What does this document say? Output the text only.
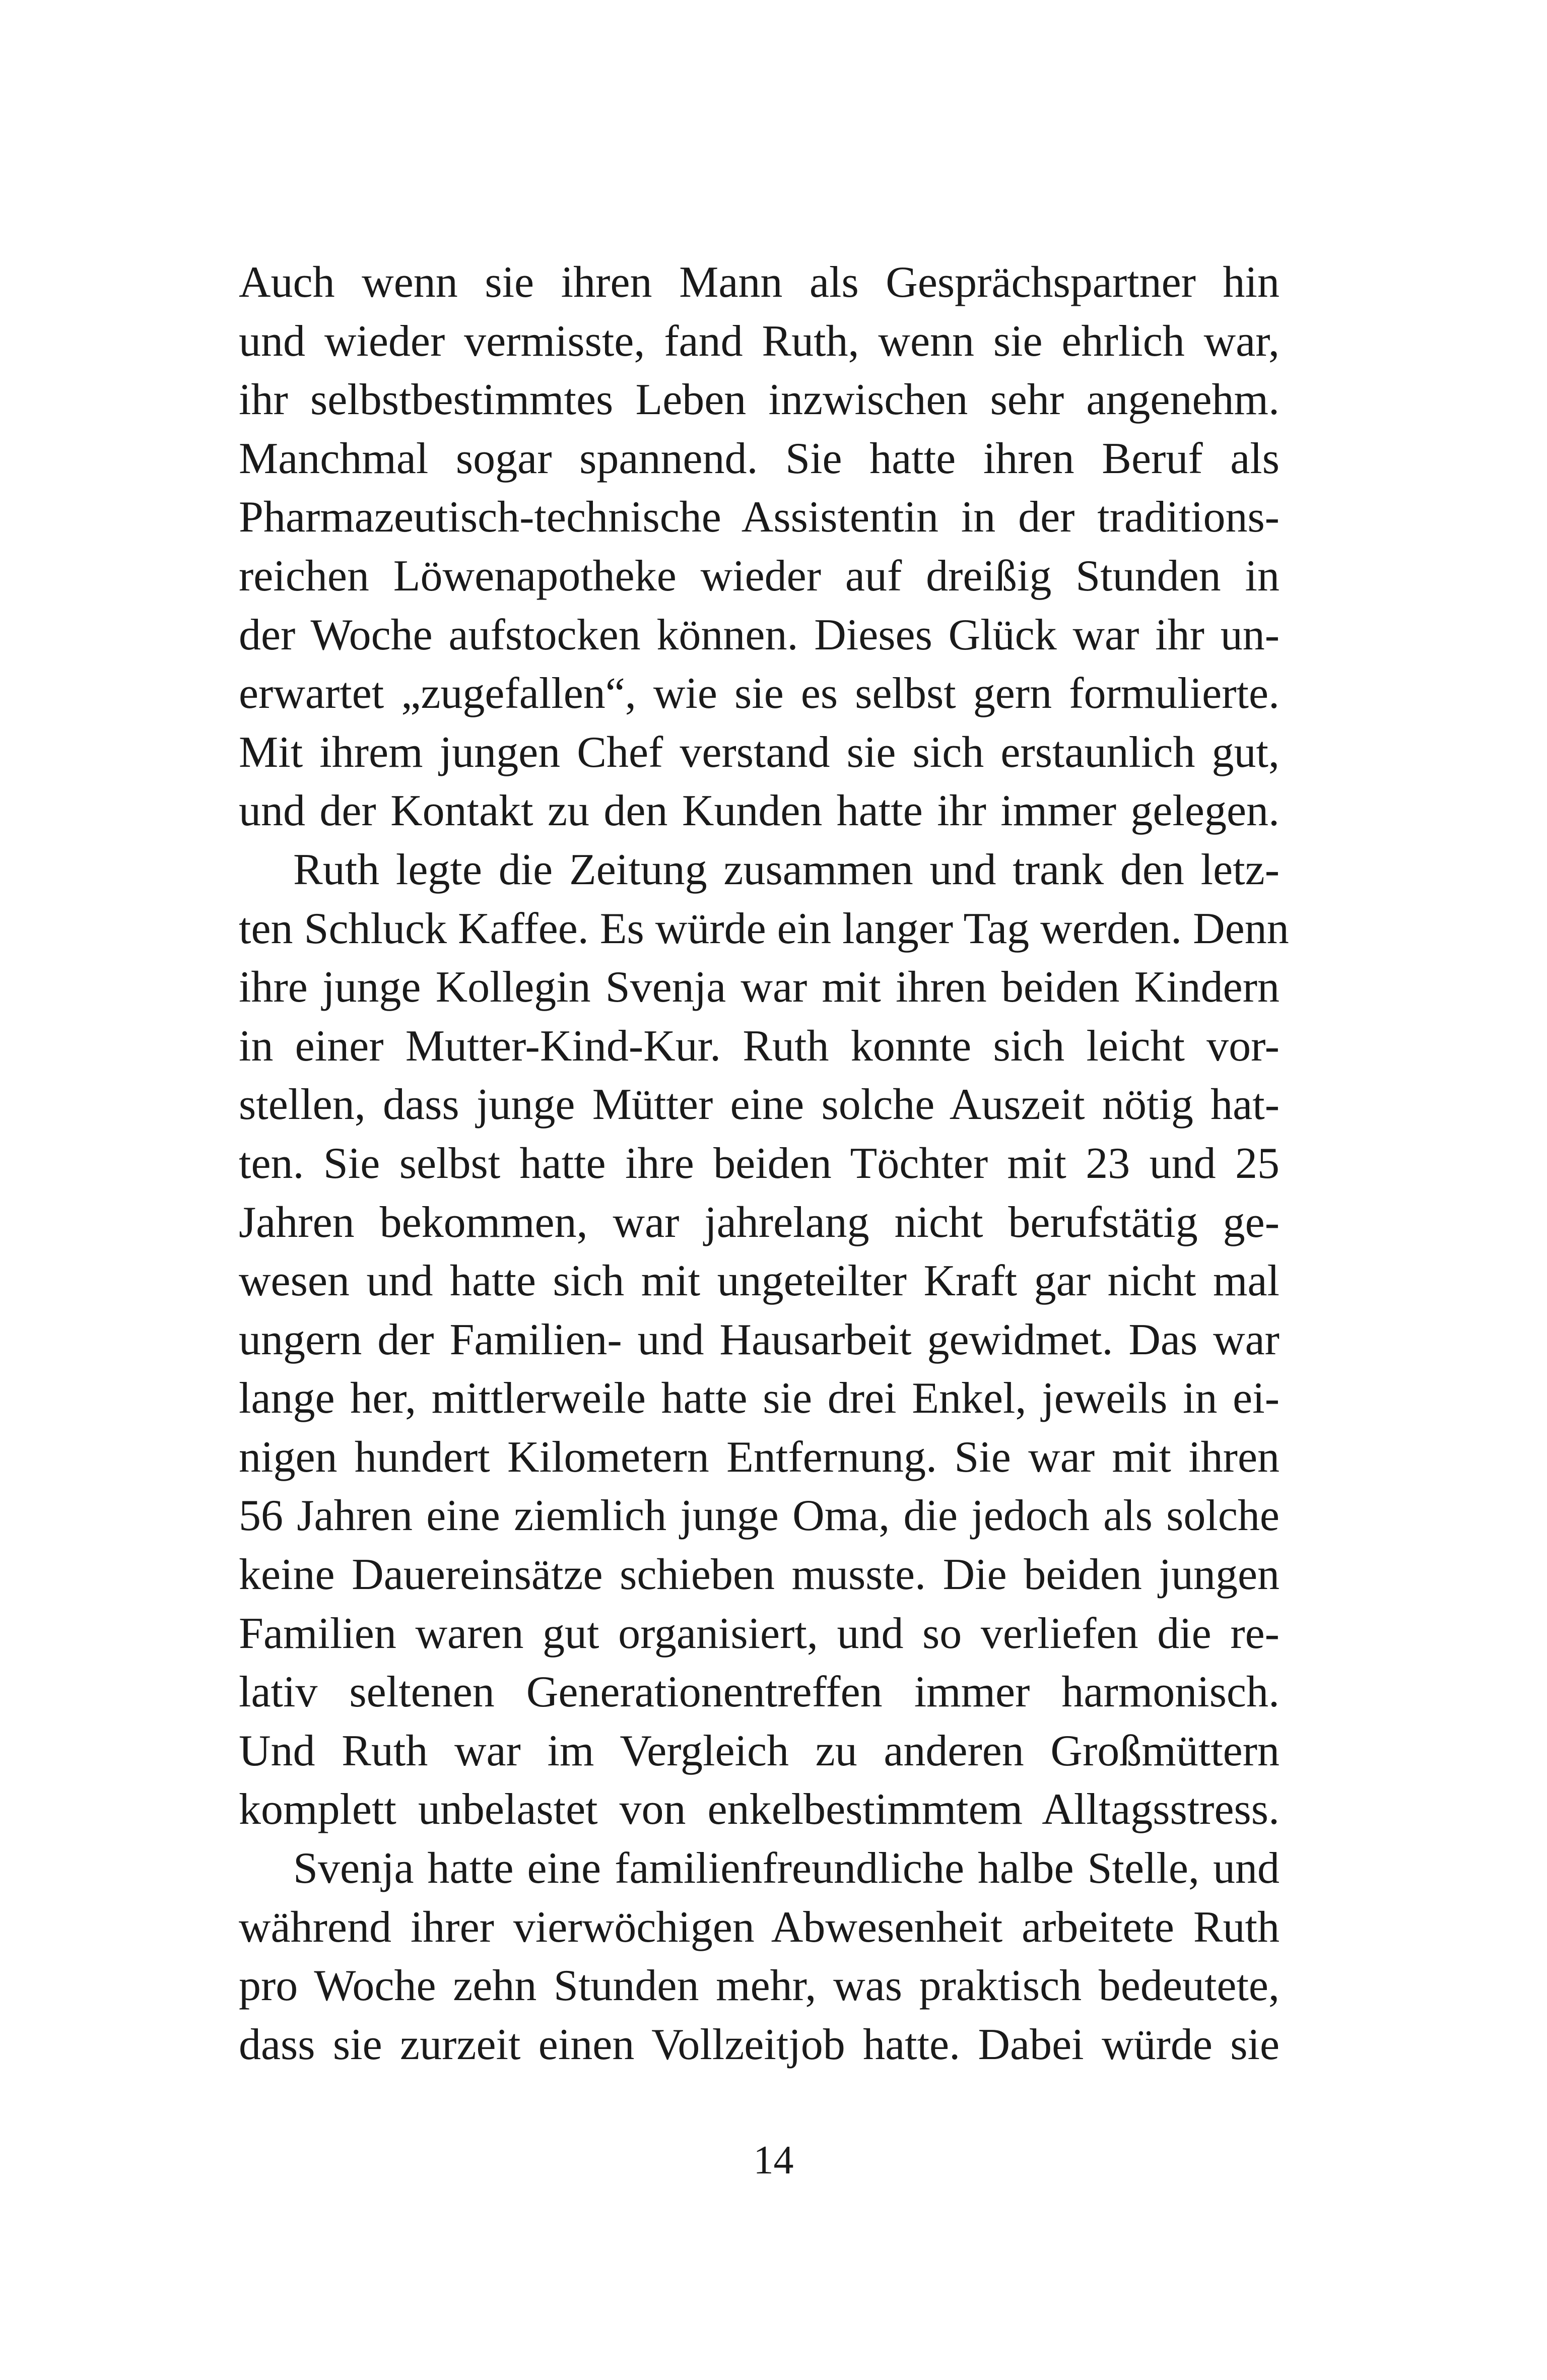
Auch wenn sie ihren Mann als Gesprächspartner hin
und wieder vermisste, fand Ruth, wenn sie ehrlich war,
ihr selbstbestimmtes Leben inzwischen sehr angenehm.
Manchmal sogar spannend. Sie hatte ihren Beruf als
Pharmazeutisch-technische Assistentin in der traditions-
reichen Löwenapotheke wieder auf dreißig Stunden in
der Woche aufstocken können. Dieses Glück war ihr un-
erwartet „zugefallen“, wie sie es selbst gern formulierte.
Mit ihrem jungen Chef verstand sie sich erstaunlich gut,
und der Kontakt zu den Kunden hatte ihr immer gelegen.
Ruth legte die Zeitung zusammen und trank den letz-
ten Schluck Kaffee. Es würde ein langer Tag werden. Denn
ihre junge Kollegin Svenja war mit ihren beiden Kindern
in einer Mutter-Kind-Kur. Ruth konnte sich leicht vor-
stellen, dass junge Mütter eine solche Auszeit nötig hat-
ten. Sie selbst hatte ihre beiden Töchter mit 23 und 25
Jahren bekommen, war jahrelang nicht berufstätig ge-
wesen und hatte sich mit ungeteilter Kraft gar nicht mal
ungern der Familien- und Hausarbeit gewidmet. Das war
lange her, mittlerweile hatte sie drei Enkel, jeweils in ei-
nigen hundert Kilometern Entfernung. Sie war mit ihren
56 Jahren eine ziemlich junge Oma, die jedoch als solche
keine Dauereinsätze schieben musste. Die beiden jungen
Familien waren gut organisiert, und so verliefen die re-
lativ seltenen Generationentreffen immer harmonisch.
Und Ruth war im Vergleich zu anderen Großmüttern
komplett unbelastet von enkelbestimmtem Alltagsstress.
Svenja hatte eine familienfreundliche halbe Stelle, und
während ihrer vierwöchigen Abwesenheit arbeitete Ruth
pro Woche zehn Stunden mehr, was praktisch bedeutete,
dass sie zurzeit einen Vollzeitjob hatte. Dabei würde sie
14
